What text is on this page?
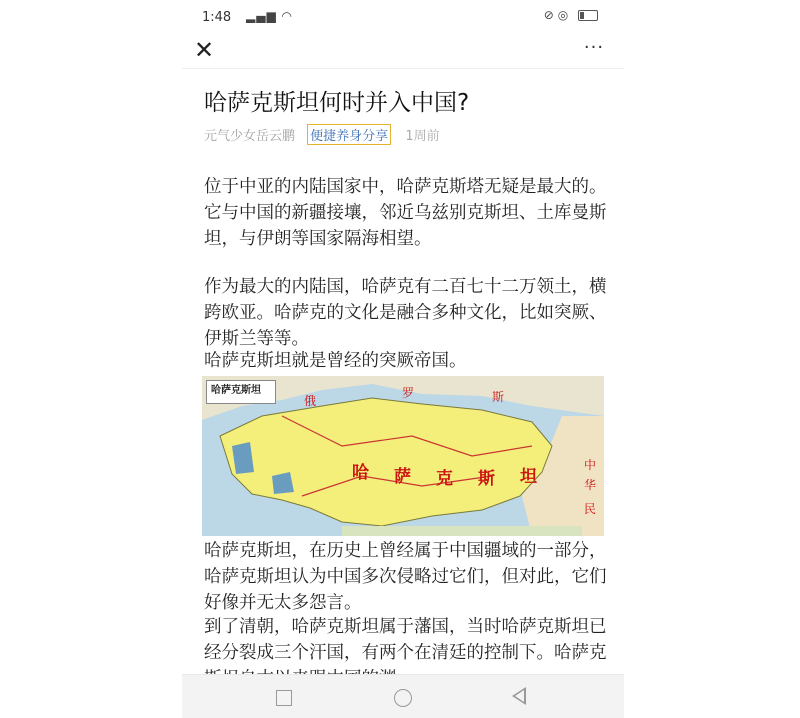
1:48 ▂▄▆ ◠	⊘ ◎
✕	···
哈萨克斯坦何时并入中国?
元气少女岳云鹏 便捷养身分享 1周前
位于中亚的内陆国家中，哈萨克斯塔无疑是最大的。它与中国的新疆接壤，邻近乌兹别克斯坦、土库曼斯坦，与伊朗等国家隔海相望。
作为最大的内陆国，哈萨克有二百七十二万领土，横跨欧亚。哈萨克的文化是融合多种文化，比如突厥、伊斯兰等等。
哈萨克斯坦就是曾经的突厥帝国。
哈萨克斯坦
哈 萨 克 斯 坦
俄
罗	斯
中
华
民
哈萨克斯坦，在历史上曾经属于中国疆域的一部分，哈萨克斯坦认为中国多次侵略过它们，但对此，它们好像并无太多怨言。
到了清朝，哈萨克斯坦属于藩国，当时哈萨克斯坦已经分裂成三个汗国，有两个在清廷的控制下。哈萨克
